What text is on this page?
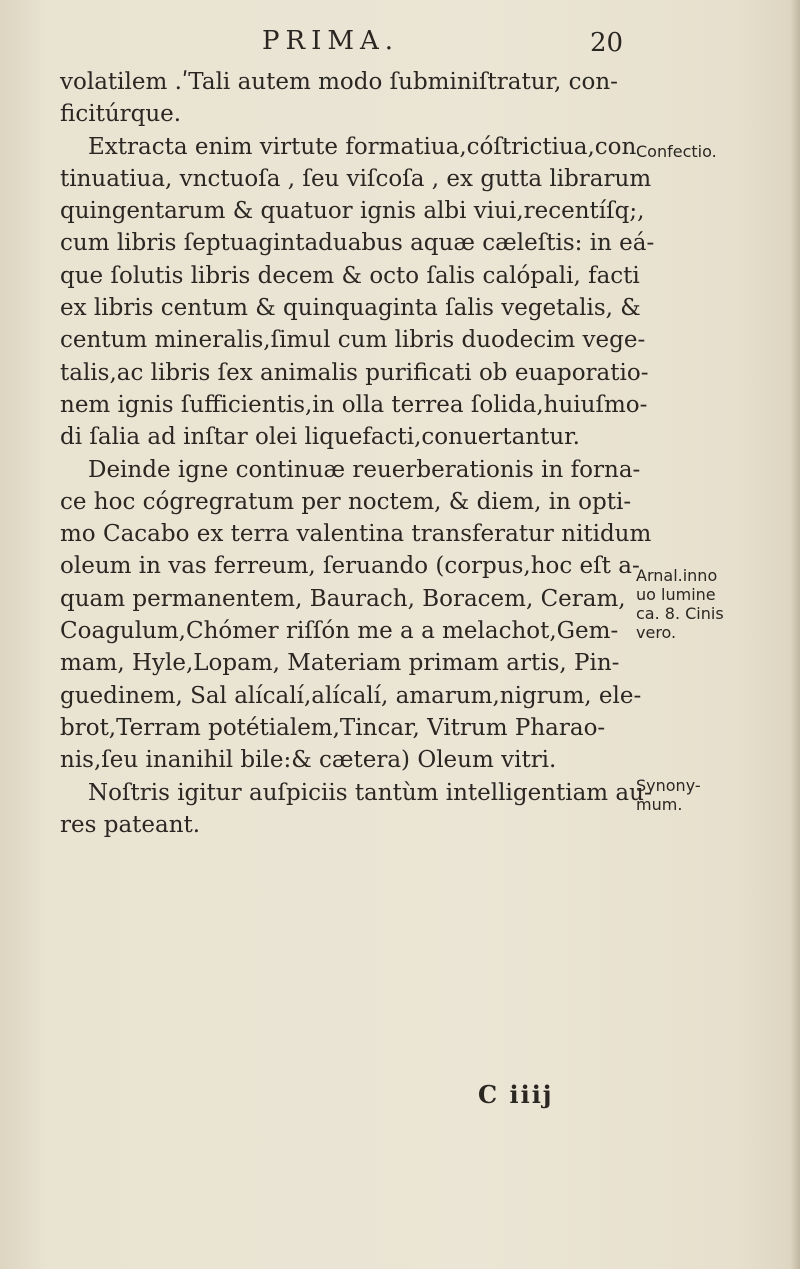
PRIMA.	20
volatilem .ʹTali autem modo ſubminiſtratur, con-
ficitúrque.
Extracta enim virtute formatiua,cóſtrictiua,con
tinuatiua, vnctuoſa , ſeu viſcoſa , ex gutta librarum
quingentarum & quatuor ignis albi viui,recentíſq;,
cum libris ſeptuagintaduabus aquæ cæleſtis: in eá-
que ſolutis libris decem & octo ſalis calópali, facti
ex libris centum & quinquaginta ſalis vegetalis, &
centum mineralis,ſimul cum libris duodecim vege-
talis,ac libris ſex animalis purificati ob euaporatio-
nem ignis ſufficientis,in olla terrea ſolida,huiuſmo-
di ſalia ad inſtar olei liquefacti,conuertantur.
Deinde igne continuæ reuerberationis in forna-
ce hoc cógregratum per noctem, & diem, in opti-
mo Cacabo ex terra valentina transferatur nitidum
oleum in vas ferreum, ſeruando (corpus,hoc eſt a-
quam permanentem, Baurach, Boracem, Ceram,
Coagulum,Chómer riſſón me a a melachot,Gem-
mam, Hyle,Lopam, Materiam primam artis, Pin-
guedinem, Sal alícalí,alícalí, amarum,nigrum, ele-
brot,Terram potétialem,Tincar, Vitrum Pharao-
nis,ſeu inanihil bile:& cætera) Oleum vitri.
Noſtris igitur auſpiciis tantùm intelligentiam au-
res pateant.
Confectio.
Arnal.inno
uo lumine
ca. 8. Cinis
vero.
Synony-
mum.
C iiij
